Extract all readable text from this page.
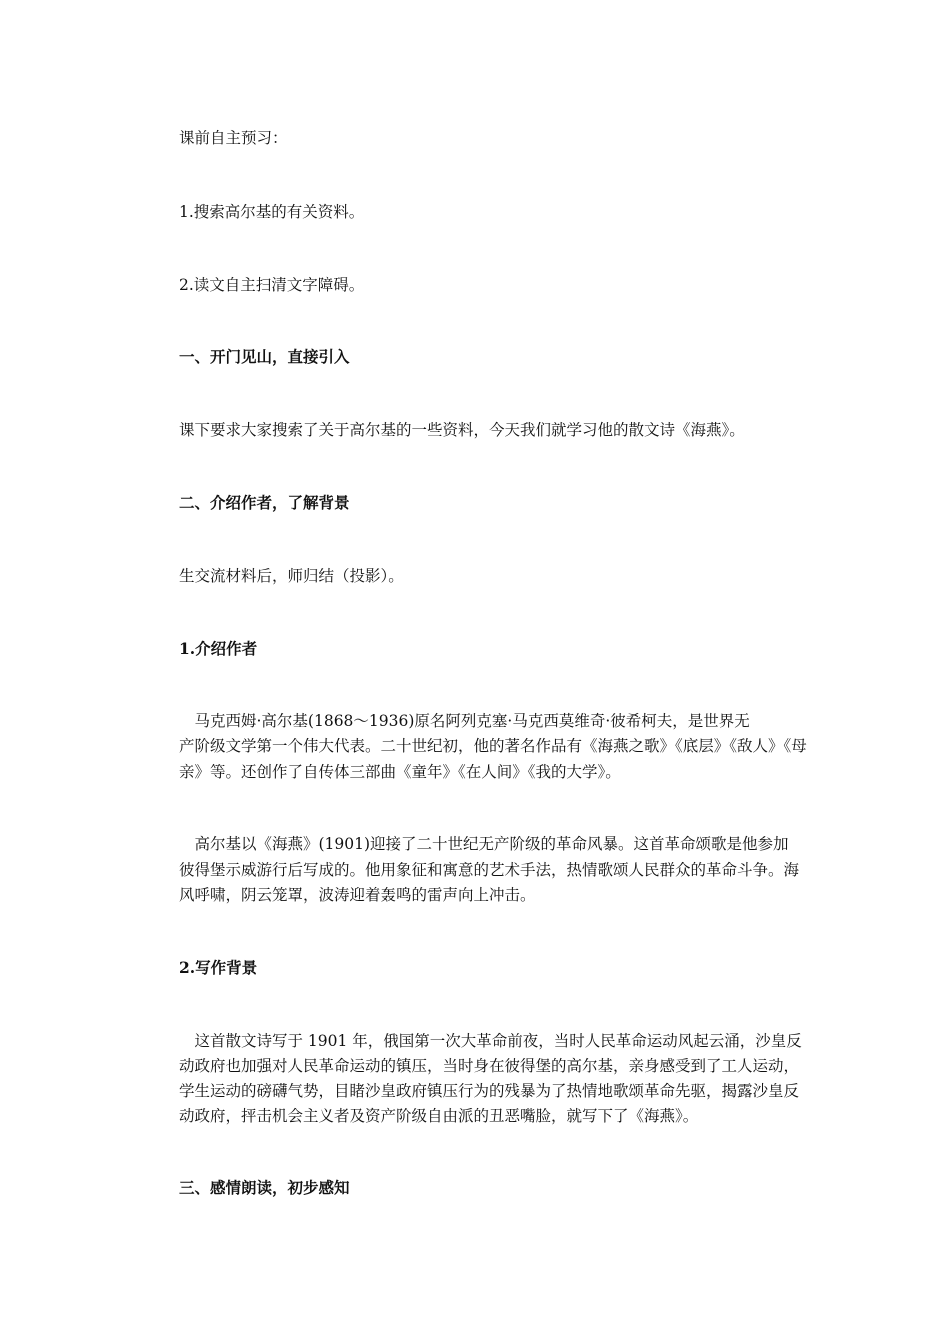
课前自主预习：
1.搜索高尔基的有关资料。
2.读文自主扫清文字障碍。
一、开门见山，直接引入
课下要求大家搜索了关于高尔基的一些资料，今天我们就学习他的散文诗《海燕》。
二、介绍作者，了解背景
生交流材料后，师归结（投影）。
1.介绍作者
　马克西姆·高尔基(1868～1936)原名阿列克塞·马克西莫维奇·彼希柯夫，是世界无
产阶级文学第一个伟大代表。二十世纪初，他的著名作品有《海燕之歌》《底层》《敌人》《母
亲》等。还创作了自传体三部曲《童年》《在人间》《我的大学》。
　高尔基以《海燕》(1901)迎接了二十世纪无产阶级的革命风暴。这首革命颂歌是他参加
彼得堡示威游行后写成的。他用象征和寓意的艺术手法，热情歌颂人民群众的革命斗争。海
风呼啸，阴云笼罩，波涛迎着轰鸣的雷声向上冲击。
2.写作背景
　这首散文诗写于 1901 年，俄国第一次大革命前夜，当时人民革命运动风起云涌，沙皇反
动政府也加强对人民革命运动的镇压，当时身在彼得堡的高尔基，亲身感受到了工人运动，
学生运动的磅礴气势，目睹沙皇政府镇压行为的残暴为了热情地歌颂革命先驱，揭露沙皇反
动政府，抨击机会主义者及资产阶级自由派的丑恶嘴脸，就写下了《海燕》。
三、感情朗读，初步感知
